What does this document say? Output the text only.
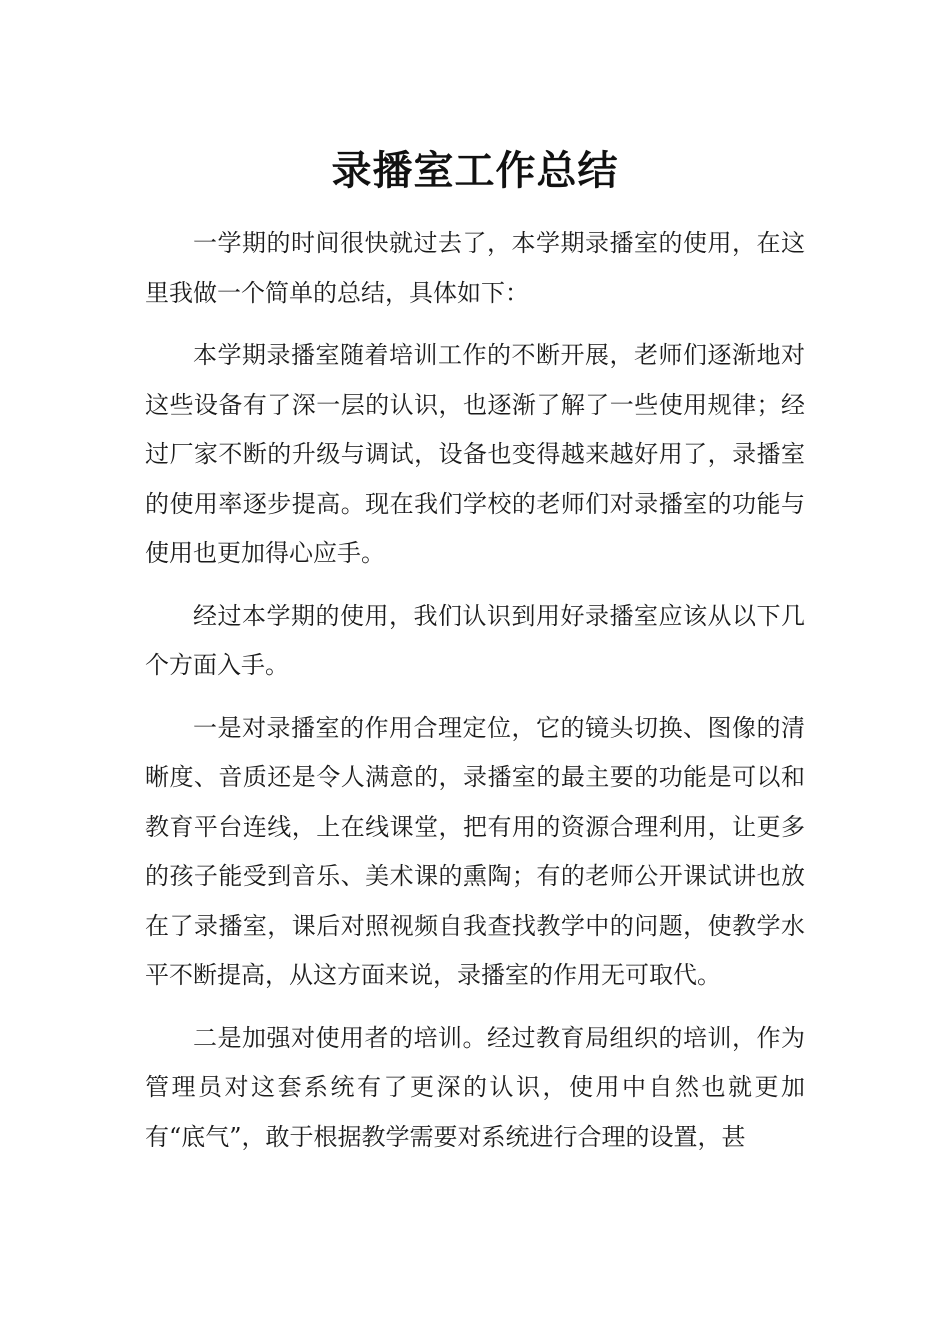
录播室工作总结

一学期的时间很快就过去了，本学期录播室的使用，在这里我做一个简单的总结，具体如下：

本学期录播室随着培训工作的不断开展，老师们逐渐地对这些设备有了深一层的认识，也逐渐了解了一些使用规律；经过厂家不断的升级与调试，设备也变得越来越好用了，录播室的使用率逐步提高。现在我们学校的老师们对录播室的功能与使用也更加得心应手。

经过本学期的使用，我们认识到用好录播室应该从以下几个方面入手。

一是对录播室的作用合理定位，它的镜头切换、图像的清晰度、音质还是令人满意的，录播室的最主要的功能是可以和教育平台连线，上在线课堂，把有用的资源合理利用，让更多的孩子能受到音乐、美术课的熏陶；有的老师公开课试讲也放在了录播室，课后对照视频自我查找教学中的问题，使教学水平不断提高，从这方面来说，录播室的作用无可取代。

二是加强对使用者的培训。经过教育局组织的培训，作为管理员对这套系统有了更深的认识，使用中自然也就更加有“底气”，敢于根据教学需要对系统进行合理的设置，甚
